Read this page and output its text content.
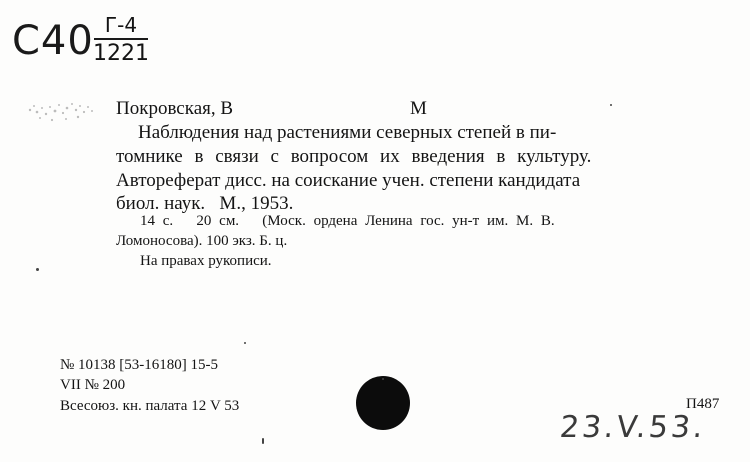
С40 Г-4
1221
Покровская, В	М
Наблюдения над растениями северных степей в пи-
томнике в связи с вопросом их введения в культуру.
Автореферат дисс. на соискание учен. степени кандидата
биол. наук.   М., 1953.
14 с.   20 см.   (Моск. ордена Ленина гос. ун-т им. М. В.
Ломоносова). 100 экз. Б. ц.
На правах рукописи.
№ 10138 [53-16180] 15-5
VII № 200
Всесоюз. кн. палата 12 V 53	П487
23.V.53.
